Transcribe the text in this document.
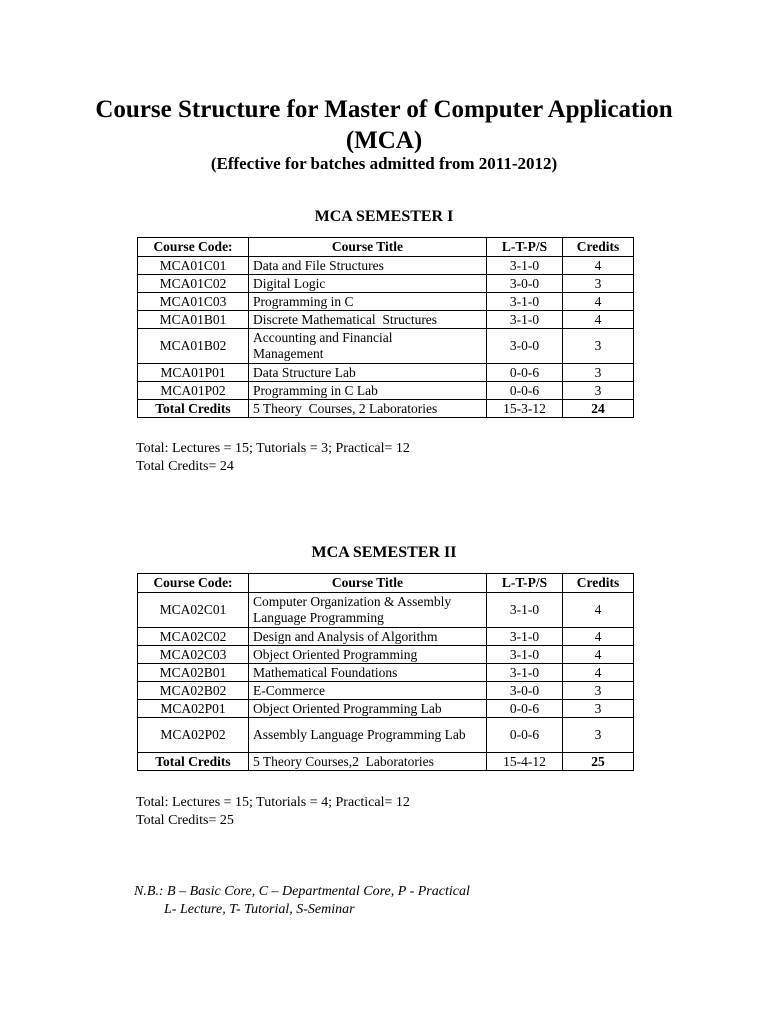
Course Structure for Master of Computer Application
(MCA)

(Effective for batches admitted from 2011-2012)

MCA SEMESTER I
Course Code:	Course Title	L-T-P/S	Credits
MCA01C01	Data and File Structures	3-1-0	4
MCA01C02	Digital Logic	3-0-0	3
MCA01C03	Programming in C	3-1-0	4
MCA01B01	Discrete Mathematical  Structures	3-1-0	4
MCA01B02	Accounting and Financial Management	3-0-0	3
MCA01P01	Data Structure Lab	0-0-6	3
MCA01P02	Programming in C Lab	0-0-6	3
Total Credits	5 Theory  Courses, 2 Laboratories	15-3-12	24

Total: Lectures = 15; Tutorials = 3; Practical= 12

Total Credits= 24

MCA SEMESTER II
Course Code:	Course Title	L-T-P/S	Credits
MCA02C01	Computer Organization & Assembly Language Programming	3-1-0	4
MCA02C02	Design and Analysis of Algorithm	3-1-0	4
MCA02C03	Object Oriented Programming	3-1-0	4
MCA02B01	Mathematical Foundations	3-1-0	4
MCA02B02	E-Commerce	3-0-0	3
MCA02P01	Object Oriented Programming Lab	0-0-6	3
MCA02P02	Assembly Language Programming Lab	0-0-6	3
Total Credits	5 Theory Courses,2  Laboratories	15-4-12	25

Total: Lectures = 15; Tutorials = 4; Practical= 12

Total Credits= 25

N.B.: B – Basic Core, C – Departmental Core, P - Practical

L- Lecture, T- Tutorial, S-Seminar
